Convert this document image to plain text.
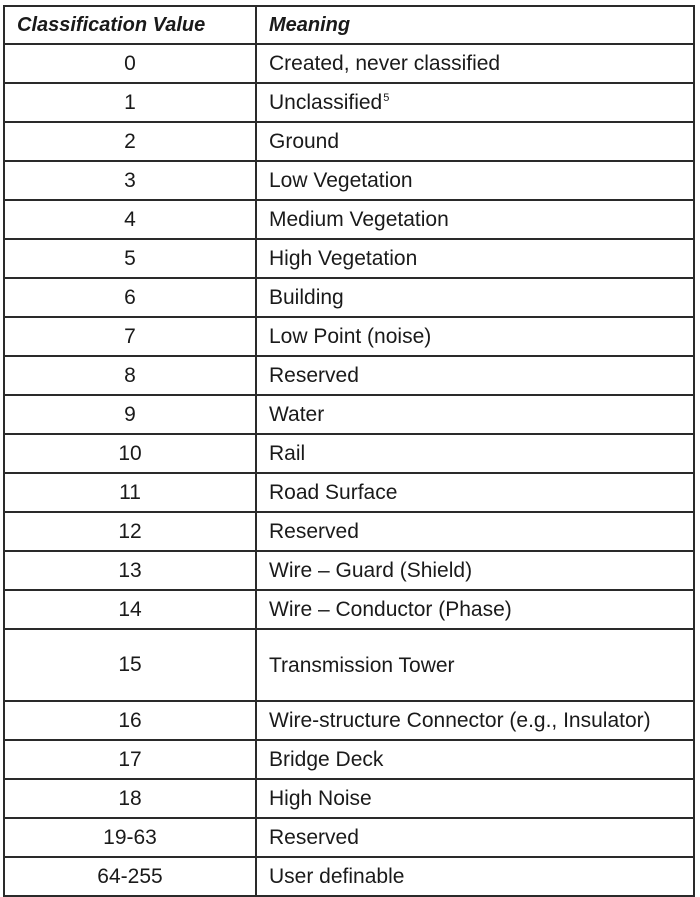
Classification Value	Meaning
0	Created, never classified
1	Unclassified$^5$
2	Ground
3	Low Vegetation
4	Medium Vegetation
5	High Vegetation
6	Building
7	Low Point (noise)
8	Reserved
9	Water
10	Rail
11	Road Surface
12	Reserved
13	Wire – Guard (Shield)
14	Wire – Conductor (Phase)
15	Transmission Tower
16	Wire-structure Connector (e.g., Insulator)
17	Bridge Deck
18	High Noise
19-63	Reserved
64-255	User definable
